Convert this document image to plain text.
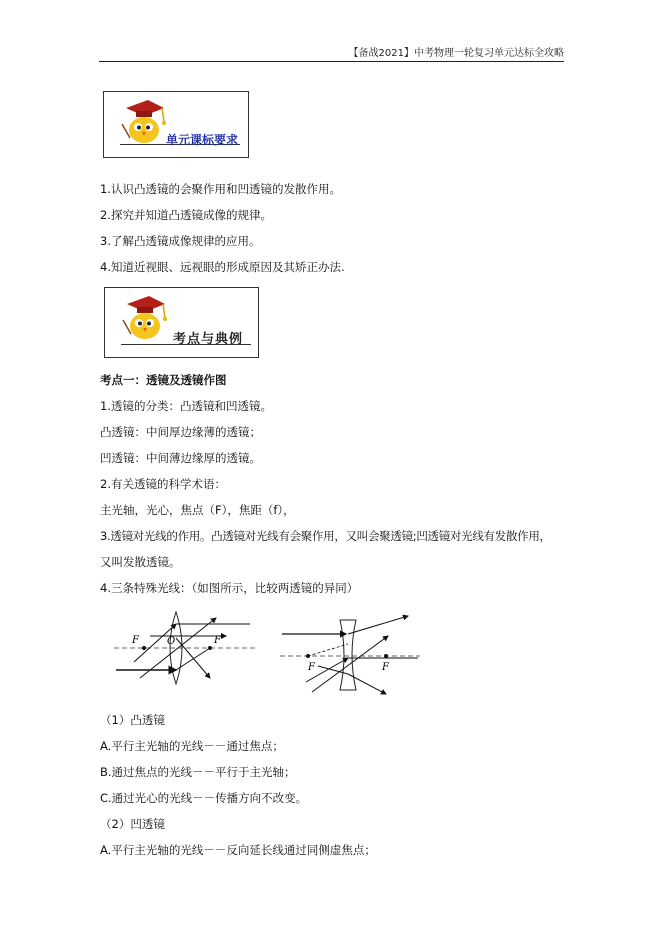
【备战2021】中考物理一轮复习单元达标全攻略
单元课标要求
1.认识凸透镜的会聚作用和凹透镜的发散作用。
2.探究并知道凸透镜成像的规律。
3.了解凸透镜成像规律的应用。
4.知道近视眼、远视眼的形成原因及其矫正办法.
考点与典例
考点一：透镜及透镜作图
1.透镜的分类：凸透镜和凹透镜。
凸透镜：中间厚边缘薄的透镜；
凹透镜：中间薄边缘厚的透镜。
2.有关透镜的科学术语：
主光轴，光心，焦点（F），焦距（f），
3.透镜对光线的作用。凸透镜对光线有会聚作用，又叫会聚透镜;凹透镜对光线有发散作用，
又叫发散透镜。
4.三条特殊光线：（如图所示，比较两透镜的异同）
F	O	F
F	F
（1）凸透镜
A.平行主光轴的光线－－通过焦点；
B.通过焦点的光线－－平行于主光轴；
C.通过光心的光线－－传播方向不改变。
（2）凹透镜
A.平行主光轴的光线－－反向延长线通过同侧虚焦点；
